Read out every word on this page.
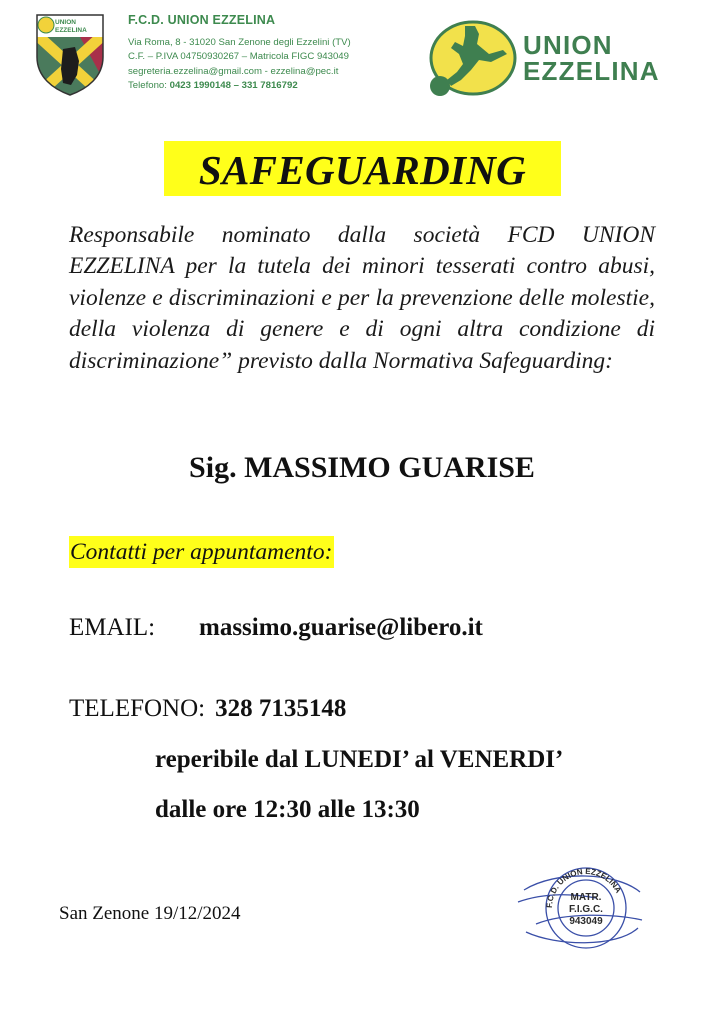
UNION
EZZELINA
F.C.D. UNION EZZELINA
Via Roma, 8 - 31020 San Zenone degli Ezzelini (TV)
C.F. – P.IVA 04750930267 – Matricola FIGC 943049
segreteria.ezzelina@gmail.com - ezzelina@pec.it
Telefono: 0423 1990148 – 331 7816792
UNION
EZZELINA
SAFEGUARDING
Responsabile nominato dalla società FCD UNION EZZELINA per la tutela dei minori tesserati contro abusi, violenze e discriminazioni e per la prevenzione delle molestie, della violenza di genere e di ogni altra condizione di discriminazione” previsto dalla Normativa Safeguarding:
Sig. MASSIMO GUARISE
Contatti per appuntamento:
EMAIL: massimo.guarise@libero.it
TELEFONO: 328 7135148
reperibile dal LUNEDI’ al VENERDI’
dalle ore 12:30 alle 13:30
San Zenone 19/12/2024
MATR.
F.I.G.C.
943049
F.C.D. UNION EZZELINA
